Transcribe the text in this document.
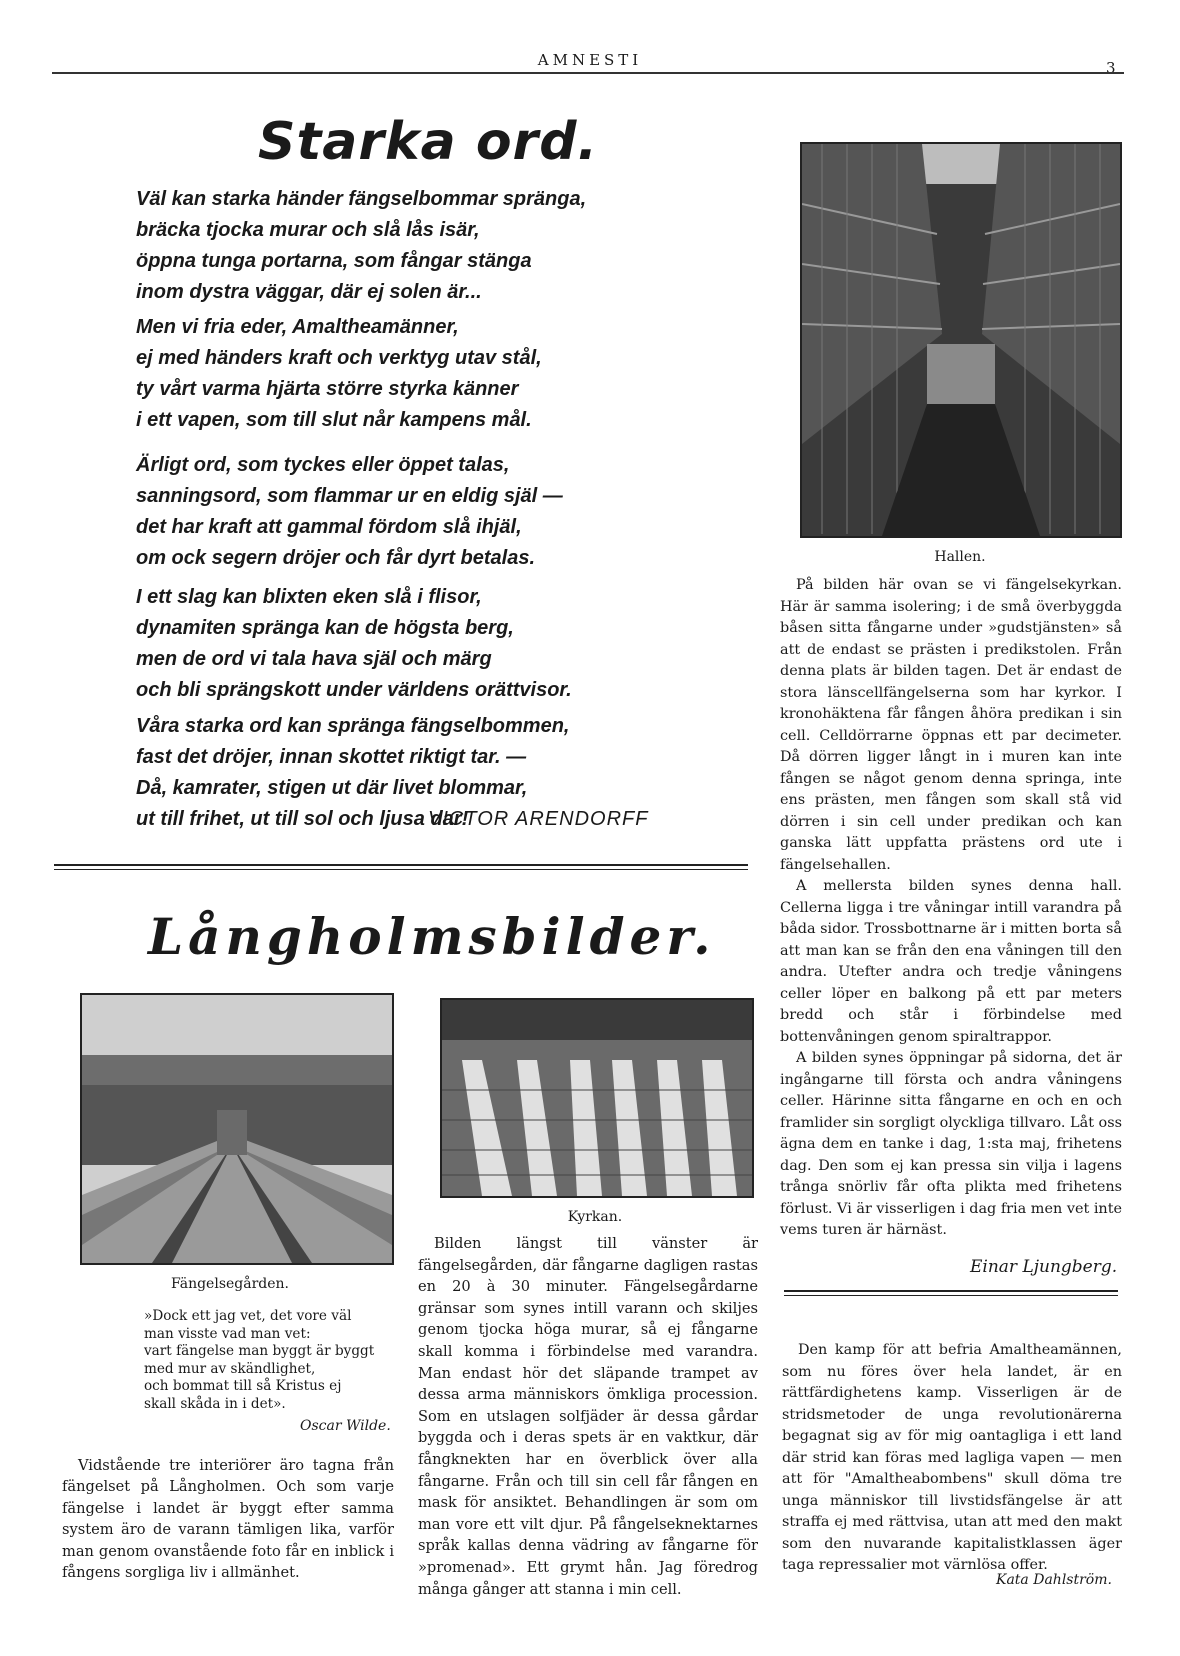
AMNESTI	3
Starka ord.
Väl kan starka händer fängselbommar spränga,
bräcka tjocka murar och slå lås isär,
öppna tunga portarna, som fångar stänga
inom dystra väggar, där ej solen är...
Men vi fria eder, Amaltheamänner,
ej med händers kraft och verktyg utav stål,
ty vårt varma hjärta större styrka känner
i ett vapen, som till slut når kampens mål.
Ärligt ord, som tyckes eller öppet talas,
sanningsord, som flammar ur en eldig själ —
det har kraft att gammal fördom slå ihjäl,
om ock segern dröjer och får dyrt betalas.
I ett slag kan blixten eken slå i flisor,
dynamiten spränga kan de högsta berg,
men de ord vi tala hava själ och märg
och bli sprängskott under världens orättvisor.
Våra starka ord kan spränga fängselbommen,
fast det dröjer, innan skottet riktigt tar. —
Då, kamrater, stigen ut där livet blommar,
ut till frihet, ut till sol och ljusa dar!
VICTOR ARENDORFF
Långholmsbilder.
Hallen.
Fängelsegården.
Kyrkan.
»Dock ett jag vet, det vore väl
man visste vad man vet:
vart fängelse man byggt är byggt
med mur av skändlighet,
och bommat till så Kristus ej
skall skåda in i det».
Oscar Wilde.

Vidstående tre interiörer äro tagna från fängelset på Långholmen. Och som varje fängelse i landet är byggt efter samma system äro de varann tämligen lika, varför man genom ovanstående foto får en inblick i fångens sorgliga liv i allmänhet.

Bilden längst till vänster är fängelsegården, där fångarne dagligen rastas en 20 à 30 minuter. Fängelsegårdarne gränsar som synes intill varann och skiljes genom tjocka höga murar, så ej fångarne skall komma i förbindelse med varandra. Man endast hör det släpande trampet av dessa arma människors ömkliga procession. Som en utslagen solfjäder är dessa gårdar byggda och i deras spets är en vaktkur, där fångknekten har en överblick över alla fångarne. Från och till sin cell får fången en mask för ansiktet. Behandlingen är som om man vore ett vilt djur. På fångelseknektarnes språk kallas denna vädring av fångarne för »promenad». Ett grymt hån. Jag föredrog många gånger att stanna i min cell.

På bilden här ovan se vi fängelsekyrkan. Här är samma isolering; i de små överbyggda båsen sitta fångarne under »gudstjänsten» så att de endast se prästen i predikstolen. Från denna plats är bilden tagen. Det är endast de stora länscellfängelserna som har kyrkor. I kronohäktena får fången åhöra predikan i sin cell. Celldörrarne öppnas ett par decimeter. Då dörren ligger långt in i muren kan inte fången se något genom denna springa, inte ens prästen, men fången som skall stå vid dörren i sin cell under predikan och kan ganska lätt uppfatta prästens ord ute i fängelsehallen.

A mellersta bilden synes denna hall. Cellerna ligga i tre våningar intill varandra på båda sidor. Trossbottnarne är i mitten borta så att man kan se från den ena våningen till den andra. Utefter andra och tredje våningens celler löper en balkong på ett par meters bredd och står i förbindelse med bottenvåningen genom spiraltrappor.

A bilden synes öppningar på sidorna, det är ingångarne till första och andra våningens celler. Härinne sitta fångarne en och en och framlider sin sorgligt olyckliga tillvaro. Låt oss ägna dem en tanke i dag, 1:sta maj, frihetens dag. Den som ej kan pressa sin vilja i lagens trånga snörliv får ofta plikta med frihetens förlust. Vi är visserligen i dag fria men vet inte vems turen är härnäst.

Einar Ljungberg.

Den kamp för att befria Amaltheamännen, som nu föres över hela landet, är en rättfärdighetens kamp. Visserligen är de stridsmetoder de unga revolutionärerna begagnat sig av för mig oantagliga i ett land där strid kan föras med lagliga vapen — men att för "Amaltheabombens" skull döma tre unga människor till livstidsfängelse är att straffa ej med rättvisa, utan att med den makt som den nuvarande kapitalistklassen äger taga repressalier mot värnlösa offer.

Kata Dahlström.
